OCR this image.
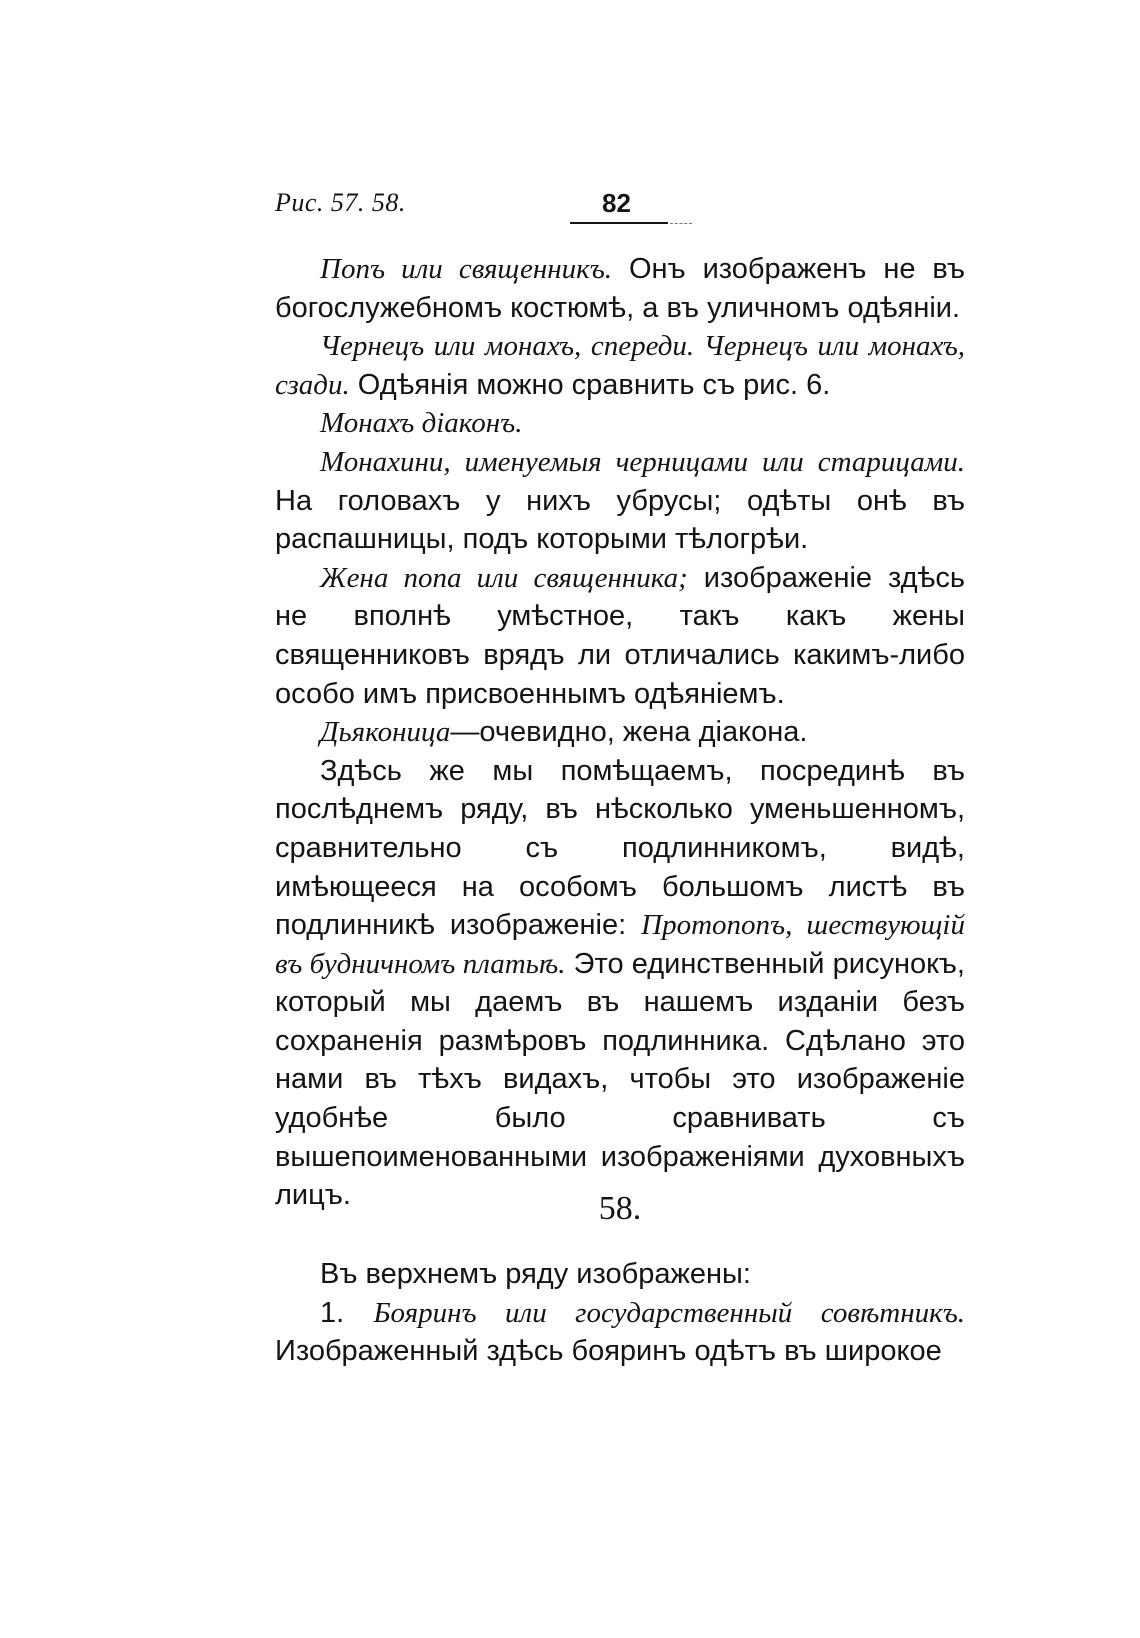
Рис. 57. 58.	82

Попъ или священникъ. Онъ изображенъ не въ богослужебномъ костюмѣ, а въ уличномъ одѣяніи.

Чернецъ или монахъ, спереди. Чернецъ или монахъ, сзади. Одѣянія можно сравнить съ рис. 6.

Монахъ діаконъ.

Монахини, именуемыя черницами или старицами. На головахъ у нихъ убрусы; одѣты онѣ въ распашницы, подъ которыми тѣлогрѣи.

Жена попа или священника; изображеніе здѣсь не вполнѣ умѣстное, такъ какъ жены священниковъ врядъ ли отличались какимъ-либо особо имъ присвоеннымъ одѣяніемъ.

Дьяконица—очевидно, жена діакона.

Здѣсь же мы помѣщаемъ, посрединѣ въ послѣднемъ ряду, въ нѣсколько уменьшенномъ, сравнительно съ подлинникомъ, видѣ, имѣющееся на особомъ большомъ листѣ въ подлинникѣ изображеніе: Протопопъ, шествующій въ будничномъ платьѣ. Это единственный рисунокъ, который мы даемъ въ нашемъ изданіи безъ сохраненія размѣровъ подлинника. Сдѣлано это нами въ тѣхъ видахъ, чтобы это изображеніе удобнѣе было сравнивать съ вышепоименованными изображеніями духовныхъ лицъ.	58.

Въ верхнемъ ряду изображены:

1. Бояринъ или государственный совѣтникъ. Изображенный здѣсь бояринъ одѣтъ въ широкое
